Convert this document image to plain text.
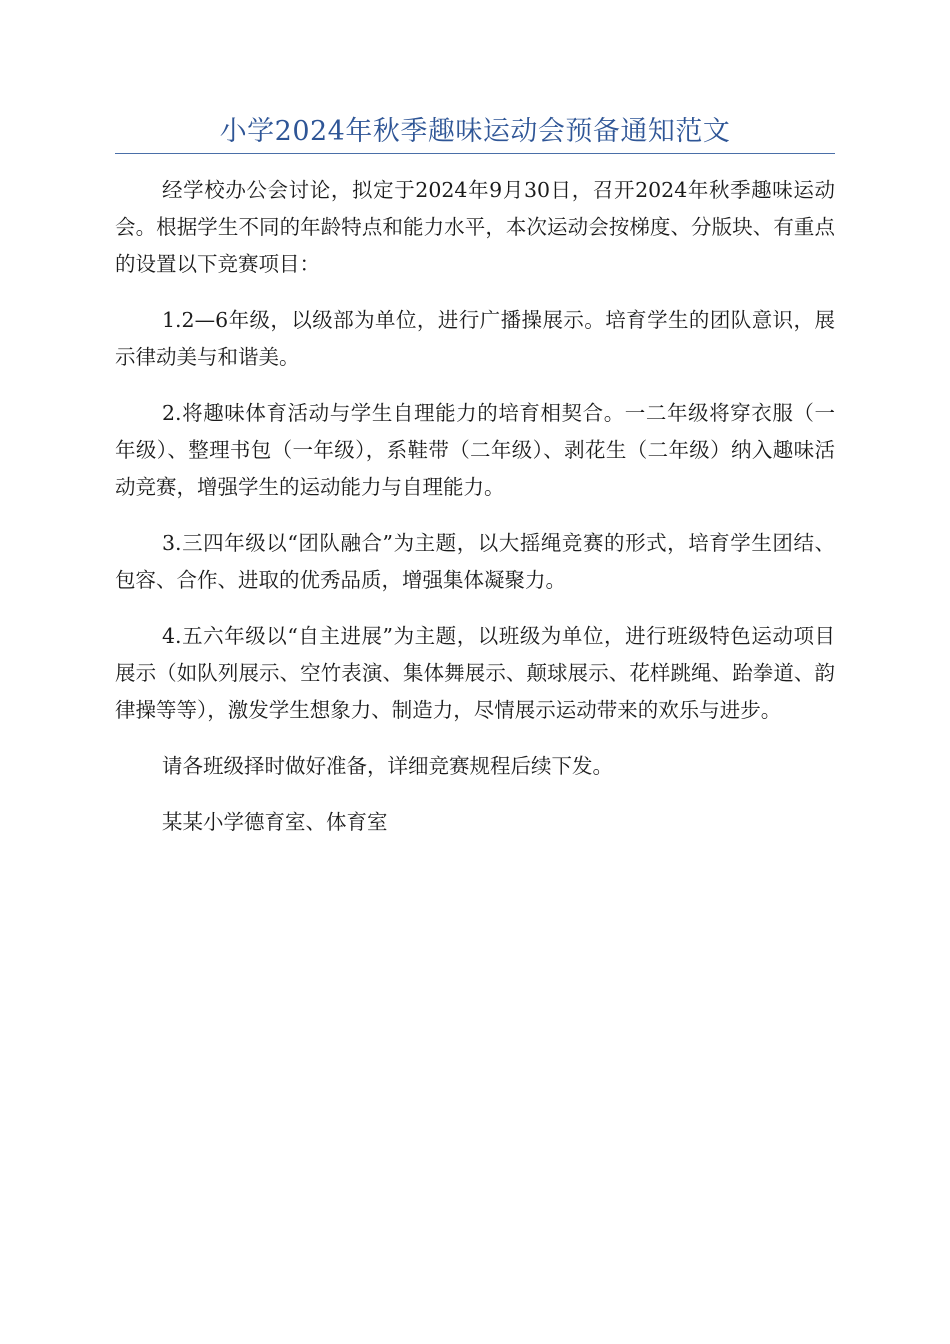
小学2024年秋季趣味运动会预备通知范文

经学校办公会讨论，拟定于2024年9月30日，召开2024年秋季趣味运动会。根据学生不同的年龄特点和能力水平，本次运动会按梯度、分版块、有重点的设置以下竞赛项目：

1.2—6年级，以级部为单位，进行广播操展示。培育学生的团队意识，展示律动美与和谐美。

2.将趣味体育活动与学生自理能力的培育相契合。一二年级将穿衣服（一年级）、整理书包（一年级），系鞋带（二年级）、剥花生（二年级）纳入趣味活动竞赛，增强学生的运动能力与自理能力。

3.三四年级以“团队融合”为主题，以大摇绳竞赛的形式，培育学生团结、包容、合作、进取的优秀品质，增强集体凝聚力。

4.五六年级以“自主进展”为主题，以班级为单位，进行班级特色运动项目展示（如队列展示、空竹表演、集体舞展示、颠球展示、花样跳绳、跆拳道、韵律操等等），激发学生想象力、制造力，尽情展示运动带来的欢乐与进步。

请各班级择时做好准备，详细竞赛规程后续下发。

某某小学德育室、体育室
